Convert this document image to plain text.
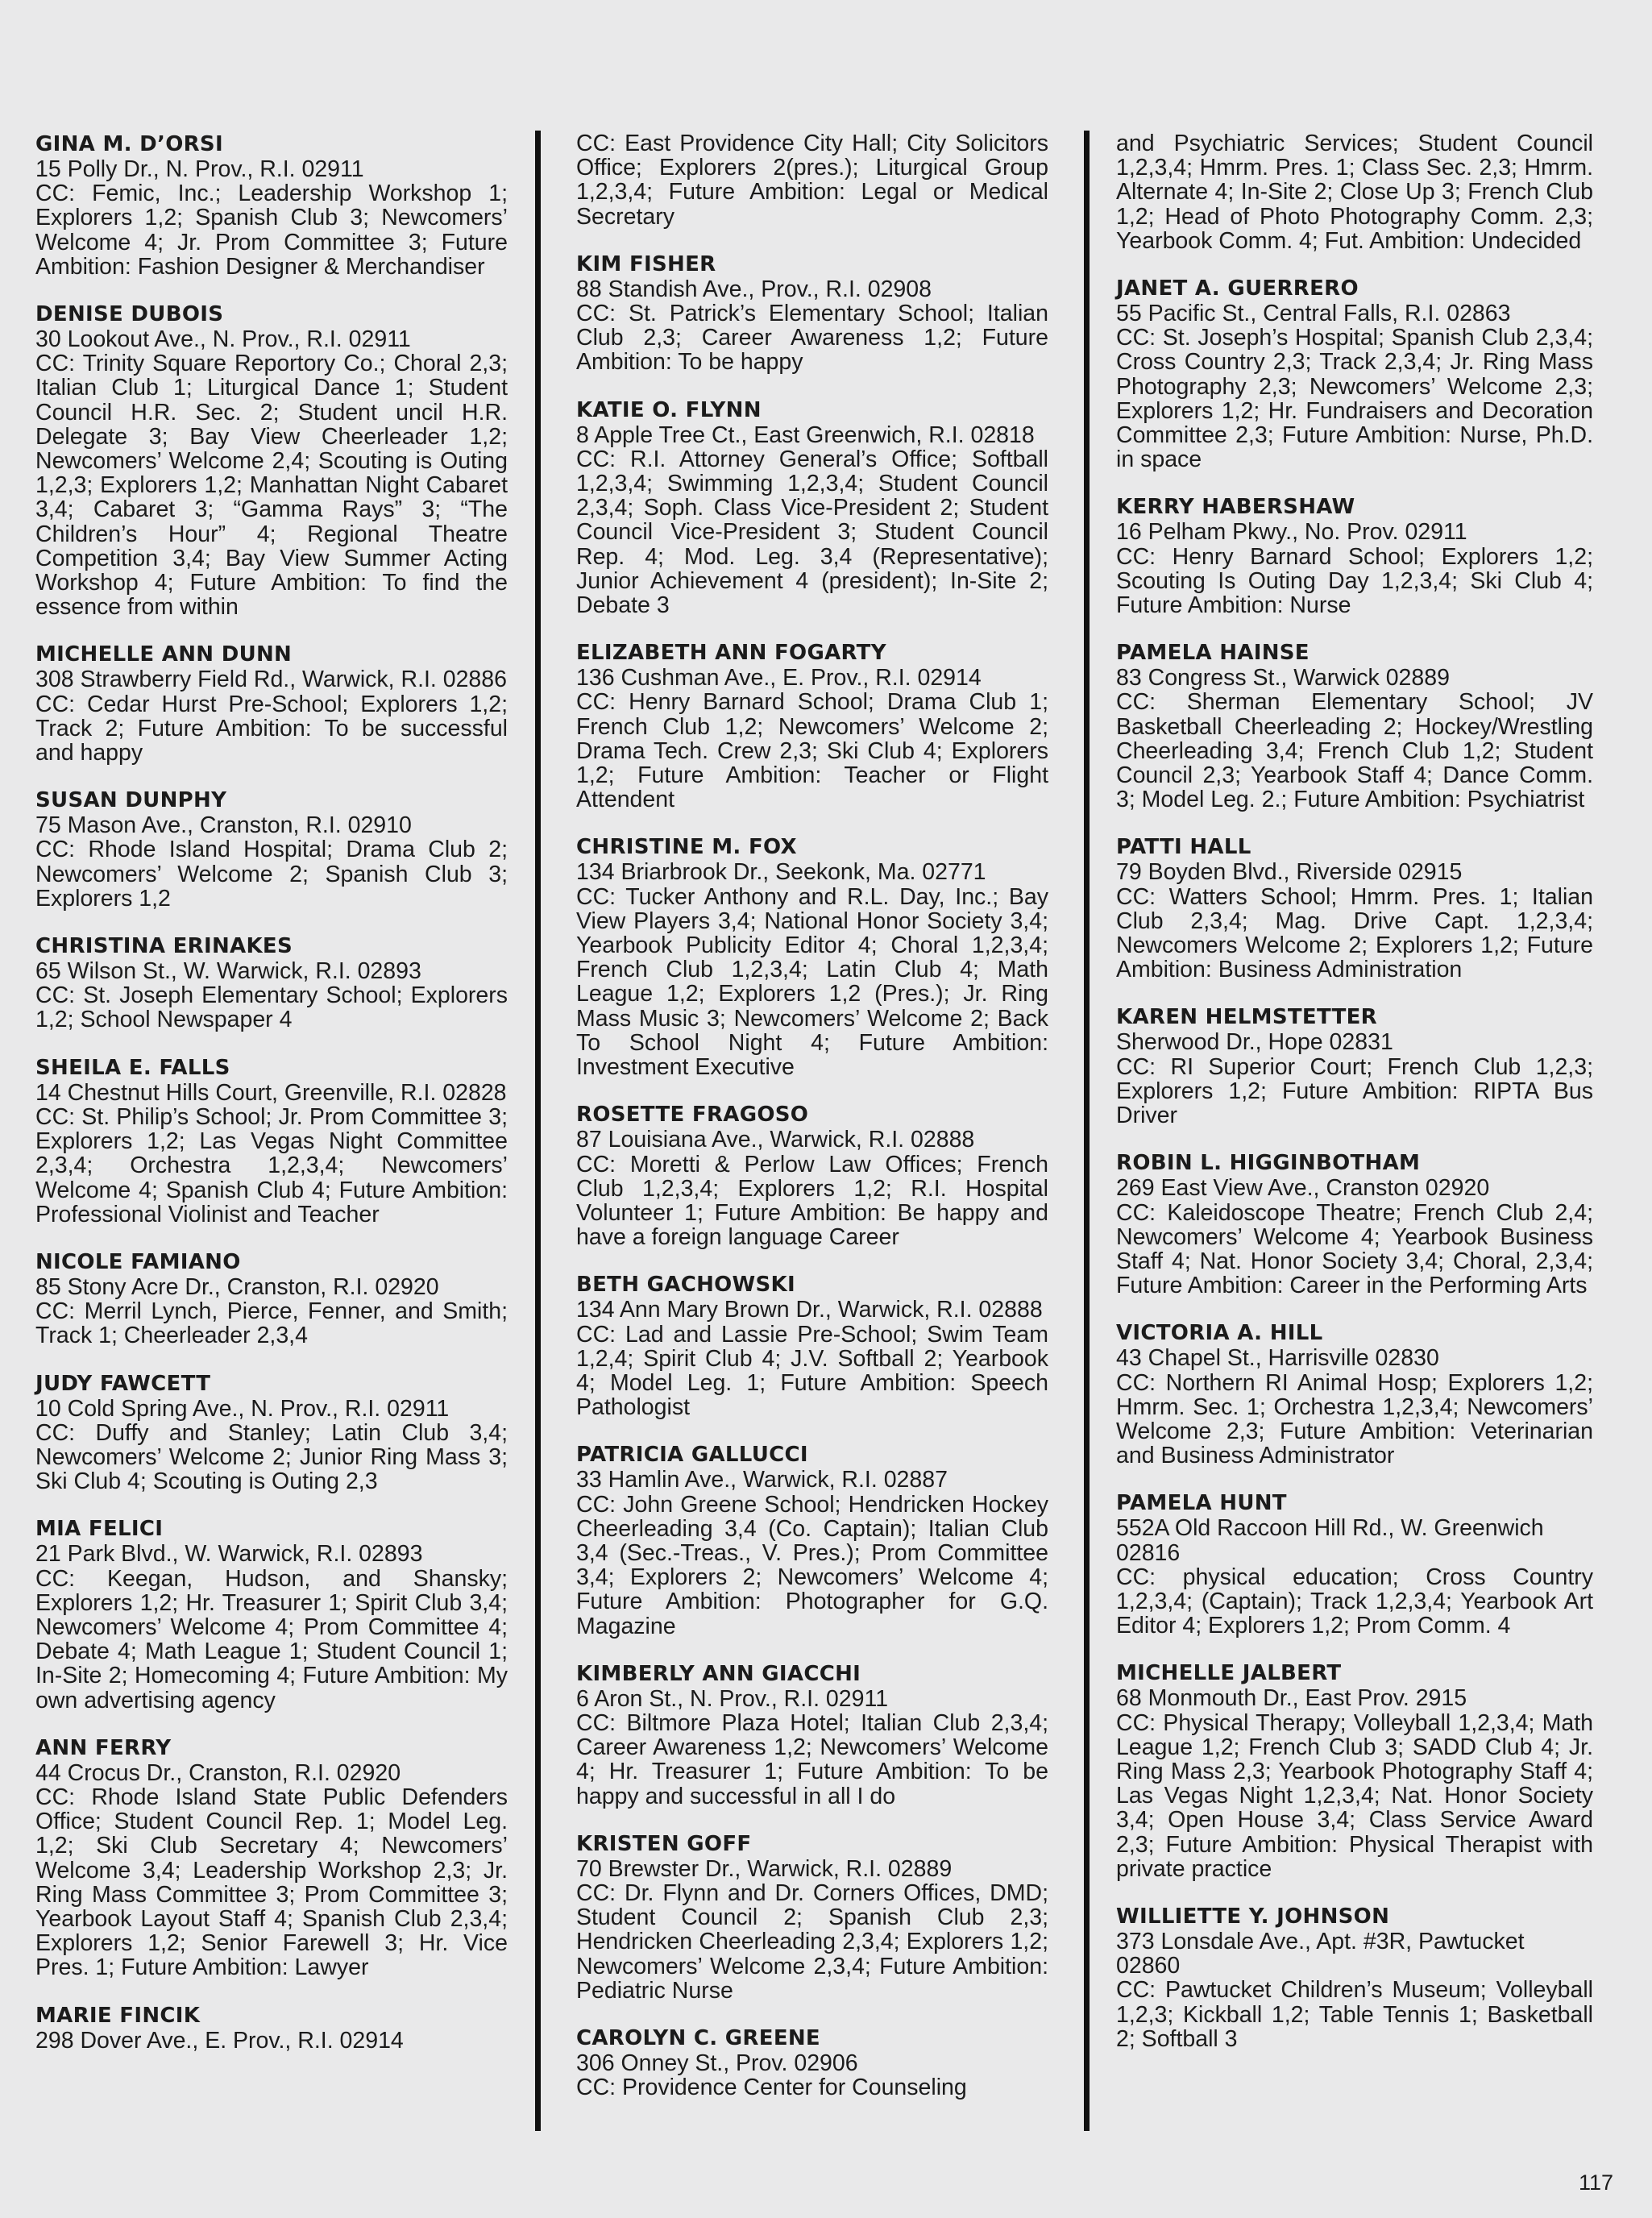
GINA M. D’ORSI
15 Polly Dr., N. Prov., R.I. 02911
CC: Femic, Inc.; Leadership Workshop 1; Explorers 1,2; Spanish Club 3; Newcomers’ Welcome 4; Jr. Prom Committee 3; Future Ambition: Fashion Designer & Merchandiser
DENISE DUBOIS
30 Lookout Ave., N. Prov., R.I. 02911
CC: Trinity Square Reportory Co.; Choral 2,3; Italian Club 1; Liturgical Dance 1; Student Council H.R. Sec. 2; Student uncil H.R. Delegate 3; Bay View Cheerleader 1,2; Newcomers’ Welcome 2,4; Scouting is Outing 1,2,3; Explorers 1,2; Manhattan Night Cabaret 3,4; Cabaret 3; “Gamma Rays” 3; “The Children’s Hour” 4; Regional Theatre Competition 3,4; Bay View Summer Acting Workshop 4; Future Ambition: To find the essence from within
MICHELLE ANN DUNN
308 Strawberry Field Rd., Warwick, R.I. 02886
CC: Cedar Hurst Pre-School; Explorers 1,2; Track 2; Future Ambition: To be successful and happy
SUSAN DUNPHY
75 Mason Ave., Cranston, R.I. 02910
CC: Rhode Island Hospital; Drama Club 2; Newcomers’ Welcome 2; Spanish Club 3; Explorers 1,2
CHRISTINA ERINAKES
65 Wilson St., W. Warwick, R.I. 02893
CC: St. Joseph Elementary School; Explorers 1,2; School Newspaper 4
SHEILA E. FALLS
14 Chestnut Hills Court, Greenville, R.I. 02828
CC: St. Philip’s School; Jr. Prom Committee 3; Explorers 1,2; Las Vegas Night Committee 2,3,4; Orchestra 1,2,3,4; Newcomers’ Welcome 4; Spanish Club 4; Future Ambition: Professional Violinist and Teacher
NICOLE FAMIANO
85 Stony Acre Dr., Cranston, R.I. 02920
CC: Merril Lynch, Pierce, Fenner, and Smith; Track 1; Cheerleader 2,3,4
JUDY FAWCETT
10 Cold Spring Ave., N. Prov., R.I. 02911
CC: Duffy and Stanley; Latin Club 3,4; Newcomers’ Welcome 2; Junior Ring Mass 3; Ski Club 4; Scouting is Outing 2,3
MIA FELICI
21 Park Blvd., W. Warwick, R.I. 02893
CC: Keegan, Hudson, and Shansky; Explorers 1,2; Hr. Treasurer 1; Spirit Club 3,4; Newcomers’ Welcome 4; Prom Committee 4; Debate 4; Math League 1; Student Council 1; In-Site 2; Homecoming 4; Future Ambition: My own advertising agency
ANN FERRY
44 Crocus Dr., Cranston, R.I. 02920
CC: Rhode Island State Public Defenders Office; Student Council Rep. 1; Model Leg. 1,2; Ski Club Secretary 4; Newcomers’ Welcome 3,4; Leadership Workshop 2,3; Jr. Ring Mass Committee 3; Prom Committee 3; Yearbook Layout Staff 4; Spanish Club 2,3,4; Explorers 1,2; Senior Farewell 3; Hr. Vice Pres. 1; Future Ambition: Lawyer
MARIE FINCIK
298 Dover Ave., E. Prov., R.I. 02914
CC: East Providence City Hall; City Solicitors Office; Explorers 2(pres.); Liturgical Group 1,2,3,4; Future Ambition: Legal or Medical Secretary
KIM FISHER
88 Standish Ave., Prov., R.I. 02908
CC: St. Patrick’s Elementary School; Italian Club 2,3; Career Awareness 1,2; Future Ambition: To be happy
KATIE O. FLYNN
8 Apple Tree Ct., East Greenwich, R.I. 02818
CC: R.I. Attorney General’s Office; Softball 1,2,3,4; Swimming 1,2,3,4; Student Council 2,3,4; Soph. Class Vice-President 2; Student Council Vice-President 3; Student Council Rep. 4; Mod. Leg. 3,4 (Representative); Junior Achievement 4 (president); In-Site 2; Debate 3
ELIZABETH ANN FOGARTY
136 Cushman Ave., E. Prov., R.I. 02914
CC: Henry Barnard School; Drama Club 1; French Club 1,2; Newcomers’ Welcome 2; Drama Tech. Crew 2,3; Ski Club 4; Explorers 1,2; Future Ambition: Teacher or Flight Attendent
CHRISTINE M. FOX
134 Briarbrook Dr., Seekonk, Ma. 02771
CC: Tucker Anthony and R.L. Day, Inc.; Bay View Players 3,4; National Honor Society 3,4; Yearbook Publicity Editor 4; Choral 1,2,3,4; French Club 1,2,3,4; Latin Club 4; Math League 1,2; Explorers 1,2 (Pres.); Jr. Ring Mass Music 3; Newcomers’ Welcome 2; Back To School Night 4; Future Ambition: Investment Executive
ROSETTE FRAGOSO
87 Louisiana Ave., Warwick, R.I. 02888
CC: Moretti & Perlow Law Offices; French Club 1,2,3,4; Explorers 1,2; R.I. Hospital Volunteer 1; Future Ambition: Be happy and have a foreign language Career
BETH GACHOWSKI
134 Ann Mary Brown Dr., Warwick, R.I. 02888
CC: Lad and Lassie Pre-School; Swim Team 1,2,4; Spirit Club 4; J.V. Softball 2; Yearbook 4; Model Leg. 1; Future Ambition: Speech Pathologist
PATRICIA GALLUCCI
33 Hamlin Ave., Warwick, R.I. 02887
CC: John Greene School; Hendricken Hockey Cheerleading 3,4 (Co. Captain); Italian Club 3,4 (Sec.-Treas., V. Pres.); Prom Committee 3,4; Explorers 2; Newcomers’ Welcome 4; Future Ambition: Photographer for G.Q. Magazine
KIMBERLY ANN GIACCHI
6 Aron St., N. Prov., R.I. 02911
CC: Biltmore Plaza Hotel; Italian Club 2,3,4; Career Awareness 1,2; Newcomers’ Welcome 4; Hr. Treasurer 1; Future Ambition: To be happy and successful in all I do
KRISTEN GOFF
70 Brewster Dr., Warwick, R.I. 02889
CC: Dr. Flynn and Dr. Corners Offices, DMD; Student Council 2; Spanish Club 2,3; Hendricken Cheerleading 2,3,4; Explorers 1,2; Newcomers’ Welcome 2,3,4; Future Ambition: Pediatric Nurse
CAROLYN C. GREENE
306 Onney St., Prov. 02906
CC: Providence Center for Counseling
and Psychiatric Services; Student Council 1,2,3,4; Hmrm. Pres. 1; Class Sec. 2,3; Hmrm. Alternate 4; In-Site 2; Close Up 3; French Club 1,2; Head of Photo Photography Comm. 2,3; Yearbook Comm. 4; Fut. Ambition: Undecided
JANET A. GUERRERO
55 Pacific St., Central Falls, R.I. 02863
CC: St. Joseph’s Hospital; Spanish Club 2,3,4; Cross Country 2,3; Track 2,3,4; Jr. Ring Mass Photography 2,3; Newcomers’ Welcome 2,3; Explorers 1,2; Hr. Fundraisers and Decoration Committee 2,3; Future Ambition: Nurse, Ph.D. in space
KERRY HABERSHAW
16 Pelham Pkwy., No. Prov. 02911
CC: Henry Barnard School; Explorers 1,2; Scouting Is Outing Day 1,2,3,4; Ski Club 4; Future Ambition: Nurse
PAMELA HAINSE
83 Congress St., Warwick 02889
CC: Sherman Elementary School; JV Basketball Cheerleading 2; Hockey/Wrestling Cheerleading 3,4; French Club 1,2; Student Council 2,3; Yearbook Staff 4; Dance Comm. 3; Model Leg. 2.; Future Ambition: Psychiatrist
PATTI HALL
79 Boyden Blvd., Riverside 02915
CC: Watters School; Hmrm. Pres. 1; Italian Club 2,3,4; Mag. Drive Capt. 1,2,3,4; Newcomers Welcome 2; Explorers 1,2; Future Ambition: Business Administration
KAREN HELMSTETTER
Sherwood Dr., Hope 02831
CC: RI Superior Court; French Club 1,2,3; Explorers 1,2; Future Ambition: RIPTA Bus Driver
ROBIN L. HIGGINBOTHAM
269 East View Ave., Cranston 02920
CC: Kaleidoscope Theatre; French Club 2,4; Newcomers’ Welcome 4; Yearbook Business Staff 4; Nat. Honor Society 3,4; Choral, 2,3,4; Future Ambition: Career in the Performing Arts
VICTORIA A. HILL
43 Chapel St., Harrisville 02830
CC: Northern RI Animal Hosp; Explorers 1,2; Hmrm. Sec. 1; Orchestra 1,2,3,4; Newcomers’ Welcome 2,3; Future Ambition: Veterinarian and Business Administrator
PAMELA HUNT
552A Old Raccoon Hill Rd., W. Greenwich 02816
CC: physical education; Cross Country 1,2,3,4; (Captain); Track 1,2,3,4; Yearbook Art Editor 4; Explorers 1,2; Prom Comm. 4
MICHELLE JALBERT
68 Monmouth Dr., East Prov. 2915
CC: Physical Therapy; Volleyball 1,2,3,4; Math League 1,2; French Club 3; SADD Club 4; Jr. Ring Mass 2,3; Yearbook Photography Staff 4; Las Vegas Night 1,2,3,4; Nat. Honor Society 3,4; Open House 3,4; Class Service Award 2,3; Future Ambition: Physical Therapist with private practice
WILLIETTE Y. JOHNSON
373 Lonsdale Ave., Apt. #3R, Pawtucket 02860
CC: Pawtucket Children’s Museum; Volleyball 1,2,3; Kickball 1,2; Table Tennis 1; Basketball 2; Softball 3
117
